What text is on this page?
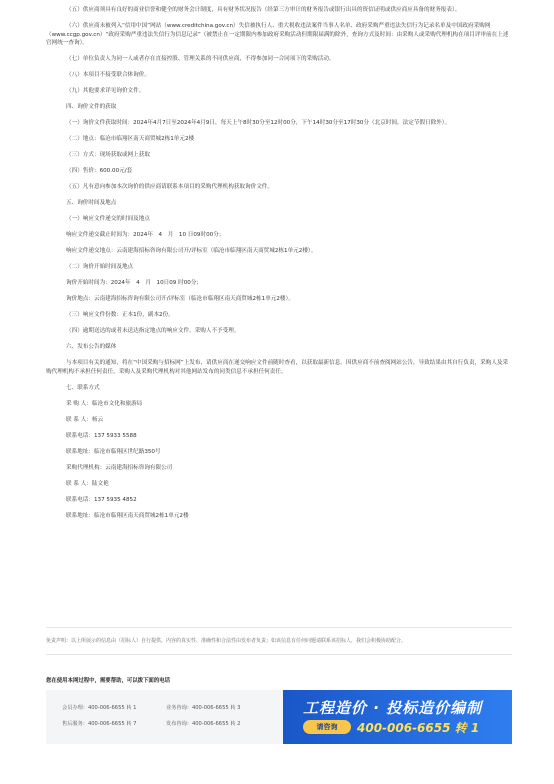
（五）供应商须具有良好的商业信誉和健全的财务会计制度，具有财务状况报告（经第三方审计的财务报告或银行出具的资信证明或供应商应具备的财务报表）。

（六）供应商未被列入“信用中国”网站（www.creditchina.gov.cn）失信被执行人、重大税收违法案件当事人名单、政府采购严重违法失信行为记录名单及中国政府采购网（www.ccgp.gov.cn）“政府采购严重违法失信行为信息记录”（被禁止在一定期限内参加政府采购活动但期限届满的除外，查询方式及时间：由采购人或采购代理机构在项目评审前在上述官网统一查询）。

（七）单位负责人为同一人或者存在直接控股、管理关系的不同供应商，不得参加同一合同项下的采购活动。

（八）本项目不接受联合体询价。

（九）其他要求详见询价文件。

四、询价文件的获取

（一）询价文件获取时间：2024年4月7日至2024年4月9日，每天上午8时30分至12时00分，下午14时30分至17时30分（北京时间，法定节假日除外）。

（二）地点：临沧市临翔区南天商贸城2栋1单元2楼

（三）方式：现场获取或网上获取

（四）售价：600.00元/套

（五）凡有意向参加本次询价的供应商请联系本项目的采购代理机构获取询价文件。

五、询价时间及地点

（一）响应文件递交的时间及地点

响应文件递交截止时间为：2024年　4　月　10 日09时00分；

响应文件递交地点：云南建海招标咨询有限公司开/评标室（临沧市临翔区南天商贸城2栋1单元2楼）。

（二）询价开始时间及地点

询价开始时间为：2024年　4　月　10日09 时00分；

询价地点：云南建海招标咨询有限公司开/评标室（临沧市临翔区南天商贸城2栋1单元2楼）。

（三）响应文件份数：正本1份，副本2份。

（四）逾期送达的或者未送达指定地点的响应文件，采购人不予受理。

六、发布公告的媒体

与本项目有关的通知，将在“中国采购与招标网”上发布，请供应商在递交响应文件前随时查看，以获取最新信息。因供应商不前查阅网站公告，导致结果由其自行负责，采购人及采购代理机构不承担任何责任。采购人及采购代理机构对其他网站发布的同类信息不承担任何责任。

七、联系方式

采 购 人：临沧市文化和旅游局

联 系 人：杨云

联系电话：137 5933 5588

联系地址：临沧市临翔区世纪路350号

采购代理机构：云南建海招标咨询有限公司

联 系 人：陆文艳

联系电话：137 5935 4852

联系地址：临沧市临翔区南天商贸城2栋1单元2楼

免责声明：以上所展示的信息由（招标人）自行提供，内容的真实性、准确性和合法性由发布者负责；如该信息有任何问题请联系该招标人，我们会积极协助配合。
您在使用本网过程中，需要帮助，可以拨下面的电话
会员办理：400-006-6655 转 1	业务咨询：400-006-6655 转 3
售后服务：400-006-6655 转 7	发布咨询：400-006-6655 转 2
工程造价 · 投标造价编制
请咨询	400-006-6655 转 1
